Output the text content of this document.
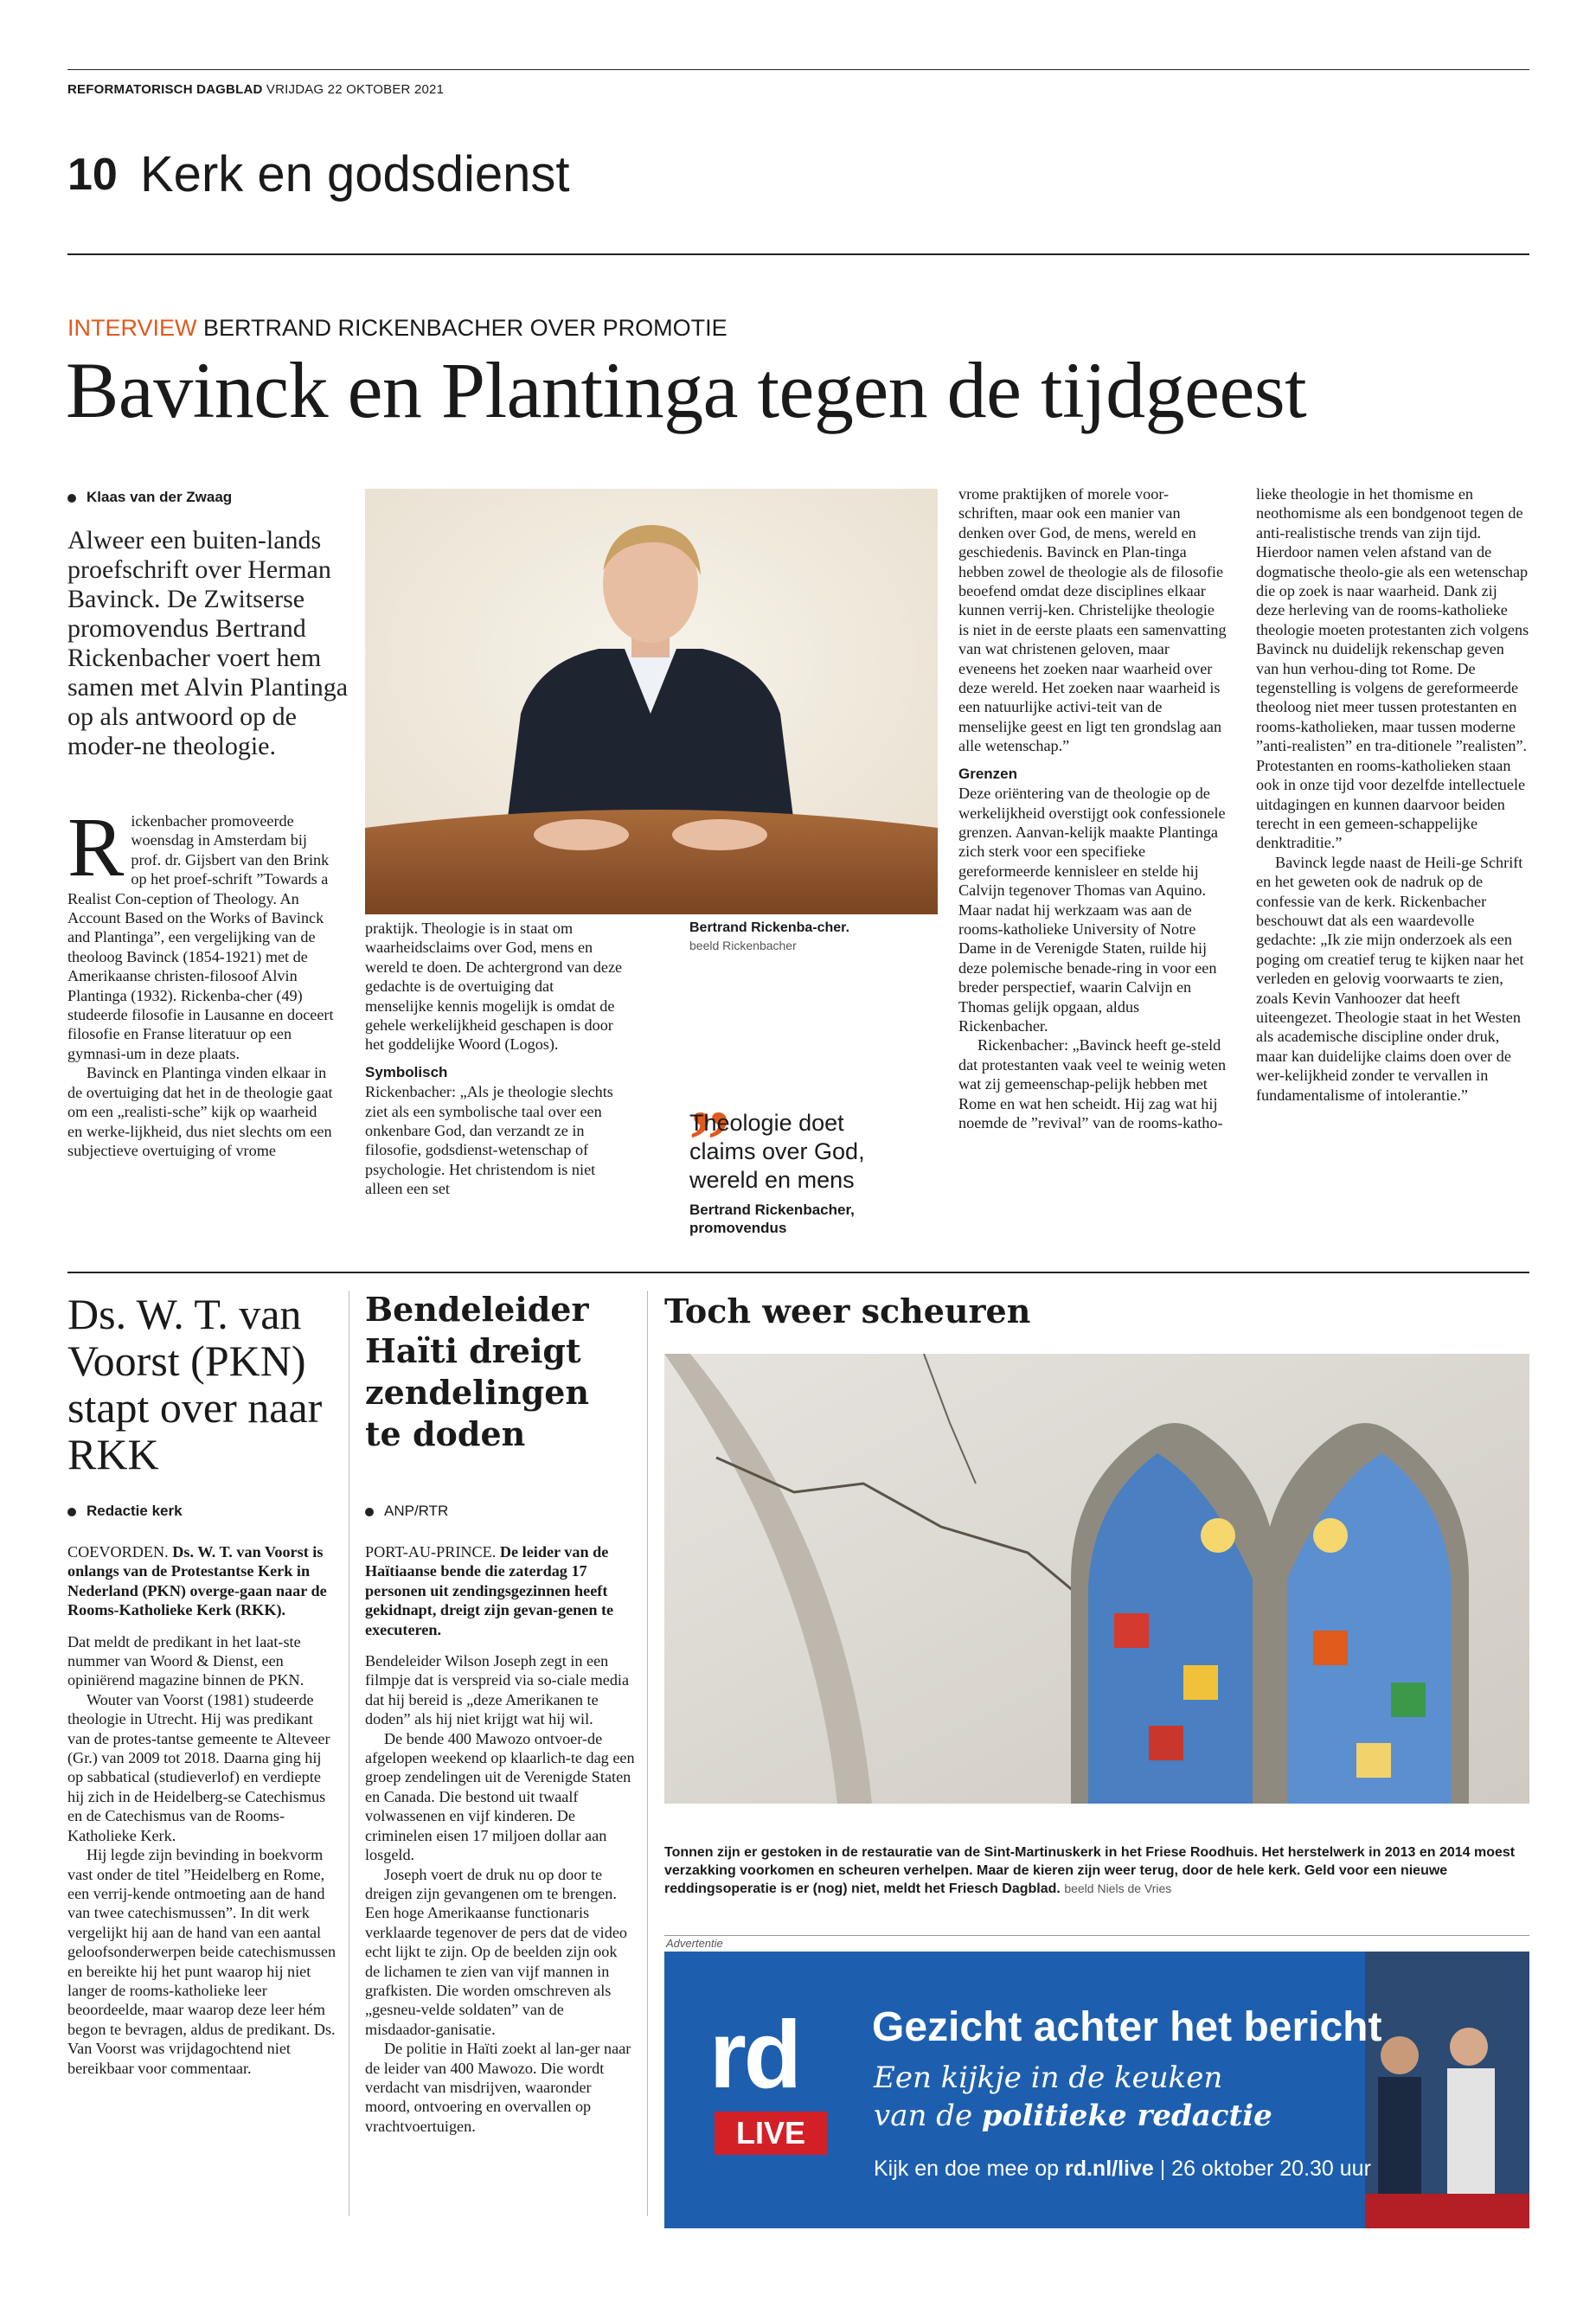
REFORMATORISCH DAGBLAD VRIJDAG 22 OKTOBER 2021
10 Kerk en godsdienst
INTERVIEW BERTRAND RICKENBACHER OVER PROMOTIE
Bavinck en Plantinga tegen de tijdgeest
Klaas van der Zwaag
Alweer een buiten-lands proefschrift over Herman Bavinck. De Zwitserse promovendus Bertrand Rickenbacher voert hem samen met Alvin Plantinga op als antwoord op de moder-ne theologie.

Rickenbacher promoveerde woensdag in Amsterdam bij prof. dr. Gijsbert van den Brink op het proef-schrift ”Towards a Realist Con-ception of Theology. An Account Based on the Works of Bavinck and Plantinga”, een vergelijking van de theoloog Bavinck (1854-1921) met de Amerikaanse christen-filosoof Alvin Plantinga (1932). Rickenba-cher (49) studeerde filosofie in Lausanne en doceert filosofie en Franse literatuur op een gymnasi-um in deze plaats.

Bavinck en Plantinga vinden elkaar in de overtuiging dat het in de theologie gaat om een „realisti-sche” kijk op waarheid en werke-lijkheid, dus niet slechts om een subjectieve overtuiging of vrome

praktijk. Theologie is in staat om waarheidsclaims over God, mens en wereld te doen. De achtergrond van deze gedachte is de overtuiging dat menselijke kennis mogelijk is omdat de gehele werkelijkheid geschapen is door het goddelijke Woord (Logos).

Symbolisch

Rickenbacher: „Als je theologie slechts ziet als een symbolische taal over een onkenbare God, dan verzandt ze in filosofie, godsdienst-wetenschap of psychologie. Het christendom is niet alleen een set

Bertrand Rickenba-cher. beeld Rickenbacher
„
Theologie doet claims over God, wereld en mens
Bertrand Rickenbacher, promovendus

vrome praktijken of morele voor-schriften, maar ook een manier van denken over God, de mens, wereld en geschiedenis. Bavinck en Plan-tinga hebben zowel de theologie als de filosofie beoefend omdat deze disciplines elkaar kunnen verrij-ken. Christelijke theologie is niet in de eerste plaats een samenvatting van wat christenen geloven, maar eveneens het zoeken naar waarheid over deze wereld. Het zoeken naar waarheid is een natuurlijke activi-teit van de menselijke geest en ligt ten grondslag aan alle wetenschap.”

Grenzen

Deze oriëntering van de theologie op de werkelijkheid overstijgt ook confessionele grenzen. Aanvan-kelijk maakte Plantinga zich sterk voor een specifieke gereformeerde kennisleer en stelde hij Calvijn tegenover Thomas van Aquino. Maar nadat hij werkzaam was aan de rooms-katholieke University of Notre Dame in de Verenigde Staten, ruilde hij deze polemische benade-ring in voor een breder perspectief, waarin Calvijn en Thomas gelijk opgaan, aldus Rickenbacher.

Rickenbacher: „Bavinck heeft ge-steld dat protestanten vaak veel te weinig weten wat zij gemeenschap-pelijk hebben met Rome en wat hen scheidt. Hij zag wat hij noemde de ”revival” van de rooms-katho-

lieke theologie in het thomisme en neothomisme als een bondgenoot tegen de anti-realistische trends van zijn tijd. Hierdoor namen velen afstand van de dogmatische theolo-gie als een wetenschap die op zoek is naar waarheid. Dank zij deze herleving van de rooms-katholieke theologie moeten protestanten zich volgens Bavinck nu duidelijk rekenschap geven van hun verhou-ding tot Rome. De tegenstelling is volgens de gereformeerde theoloog niet meer tussen protestanten en rooms-katholieken, maar tussen moderne ”anti-realisten” en tra-ditionele ”realisten”. Protestanten en rooms-katholieken staan ook in onze tijd voor dezelfde intellectuele uitdagingen en kunnen daarvoor beiden terecht in een gemeen-schappelijke denktraditie.”

Bavinck legde naast de Heili-ge Schrift en het geweten ook de nadruk op de confessie van de kerk. Rickenbacher beschouwt dat als een waardevolle gedachte: „Ik zie mijn onderzoek als een poging om creatief terug te kijken naar het verleden en gelovig voorwaarts te zien, zoals Kevin Vanhoozer dat heeft uiteengezet. Theologie staat in het Westen als academische discipline onder druk, maar kan duidelijke claims doen over de wer-kelijkheid zonder te vervallen in fundamentalisme of intolerantie.”

Ds. W. T. van Voorst (PKN) stapt over naar RKK
Redactie kerk

COEVORDEN. Ds. W. T. van Voorst is onlangs van de Protestantse Kerk in Nederland (PKN) overge-gaan naar de Rooms-Katholieke Kerk (RKK).

Dat meldt de predikant in het laat-ste nummer van Woord & Dienst, een opiniërend magazine binnen de PKN.

Wouter van Voorst (1981) studeerde theologie in Utrecht. Hij was predikant van de protes-tantse gemeente te Alteveer (Gr.) van 2009 tot 2018. Daarna ging hij op sabbatical (studieverlof) en verdiepte hij zich in de Heidelberg-se Catechismus en de Catechismus van de Rooms-Katholieke Kerk.

Hij legde zijn bevinding in boekvorm vast onder de titel ”Heidelberg en Rome, een verrij-kende ontmoeting aan de hand van twee catechismussen”. In dit werk vergelijkt hij aan de hand van een aantal geloofsonderwerpen beide catechismussen en bereikte hij het punt waarop hij niet langer de rooms-katholieke leer beoordeelde, maar waarop deze leer hém begon te bevragen, aldus de predikant. Ds. Van Voorst was vrijdagochtend niet bereikbaar voor commentaar.

Bendeleider Haïti dreigt zendelingen te doden
ANP/RTR

PORT-AU-PRINCE. De leider van de Haïtiaanse bende die zaterdag 17 personen uit zendingsgezinnen heeft gekidnapt, dreigt zijn gevan-genen te executeren.

Bendeleider Wilson Joseph zegt in een filmpje dat is verspreid via so-ciale media dat hij bereid is „deze Amerikanen te doden” als hij niet krijgt wat hij wil.

De bende 400 Mawozo ontvoer-de afgelopen weekend op klaarlich-te dag een groep zendelingen uit de Verenigde Staten en Canada. Die bestond uit twaalf volwassenen en vijf kinderen. De criminelen eisen 17 miljoen dollar aan losgeld.

Joseph voert de druk nu op door te dreigen zijn gevangenen om te brengen. Een hoge Amerikaanse functionaris verklaarde tegenover de pers dat de video echt lijkt te zijn. Op de beelden zijn ook de lichamen te zien van vijf mannen in grafkisten. Die worden omschreven als „gesneu-velde soldaten” van de misdaador-ganisatie.

De politie in Haïti zoekt al lan-ger naar de leider van 400 Mawozo. Die wordt verdacht van misdrijven, waaronder moord, ontvoering en overvallen op vrachtvoertuigen.

Toch weer scheuren
Tonnen zijn er gestoken in de restauratie van de Sint-Martinuskerk in het Friese Roodhuis. Het herstelwerk in 2013 en 2014 moest verzakking voorkomen en scheuren verhelpen. Maar de kieren zijn weer terug, door de hele kerk. Geld voor een nieuwe reddingsoperatie is er (nog) niet, meldt het Friesch Dagblad. beeld Niels de Vries
Advertentie
rd
LIVE
Gezicht achter het bericht
Een kijkje in de keuken
van de politieke redactie
Kijk en doe mee op rd.nl/live | 26 oktober 20.30 uur
